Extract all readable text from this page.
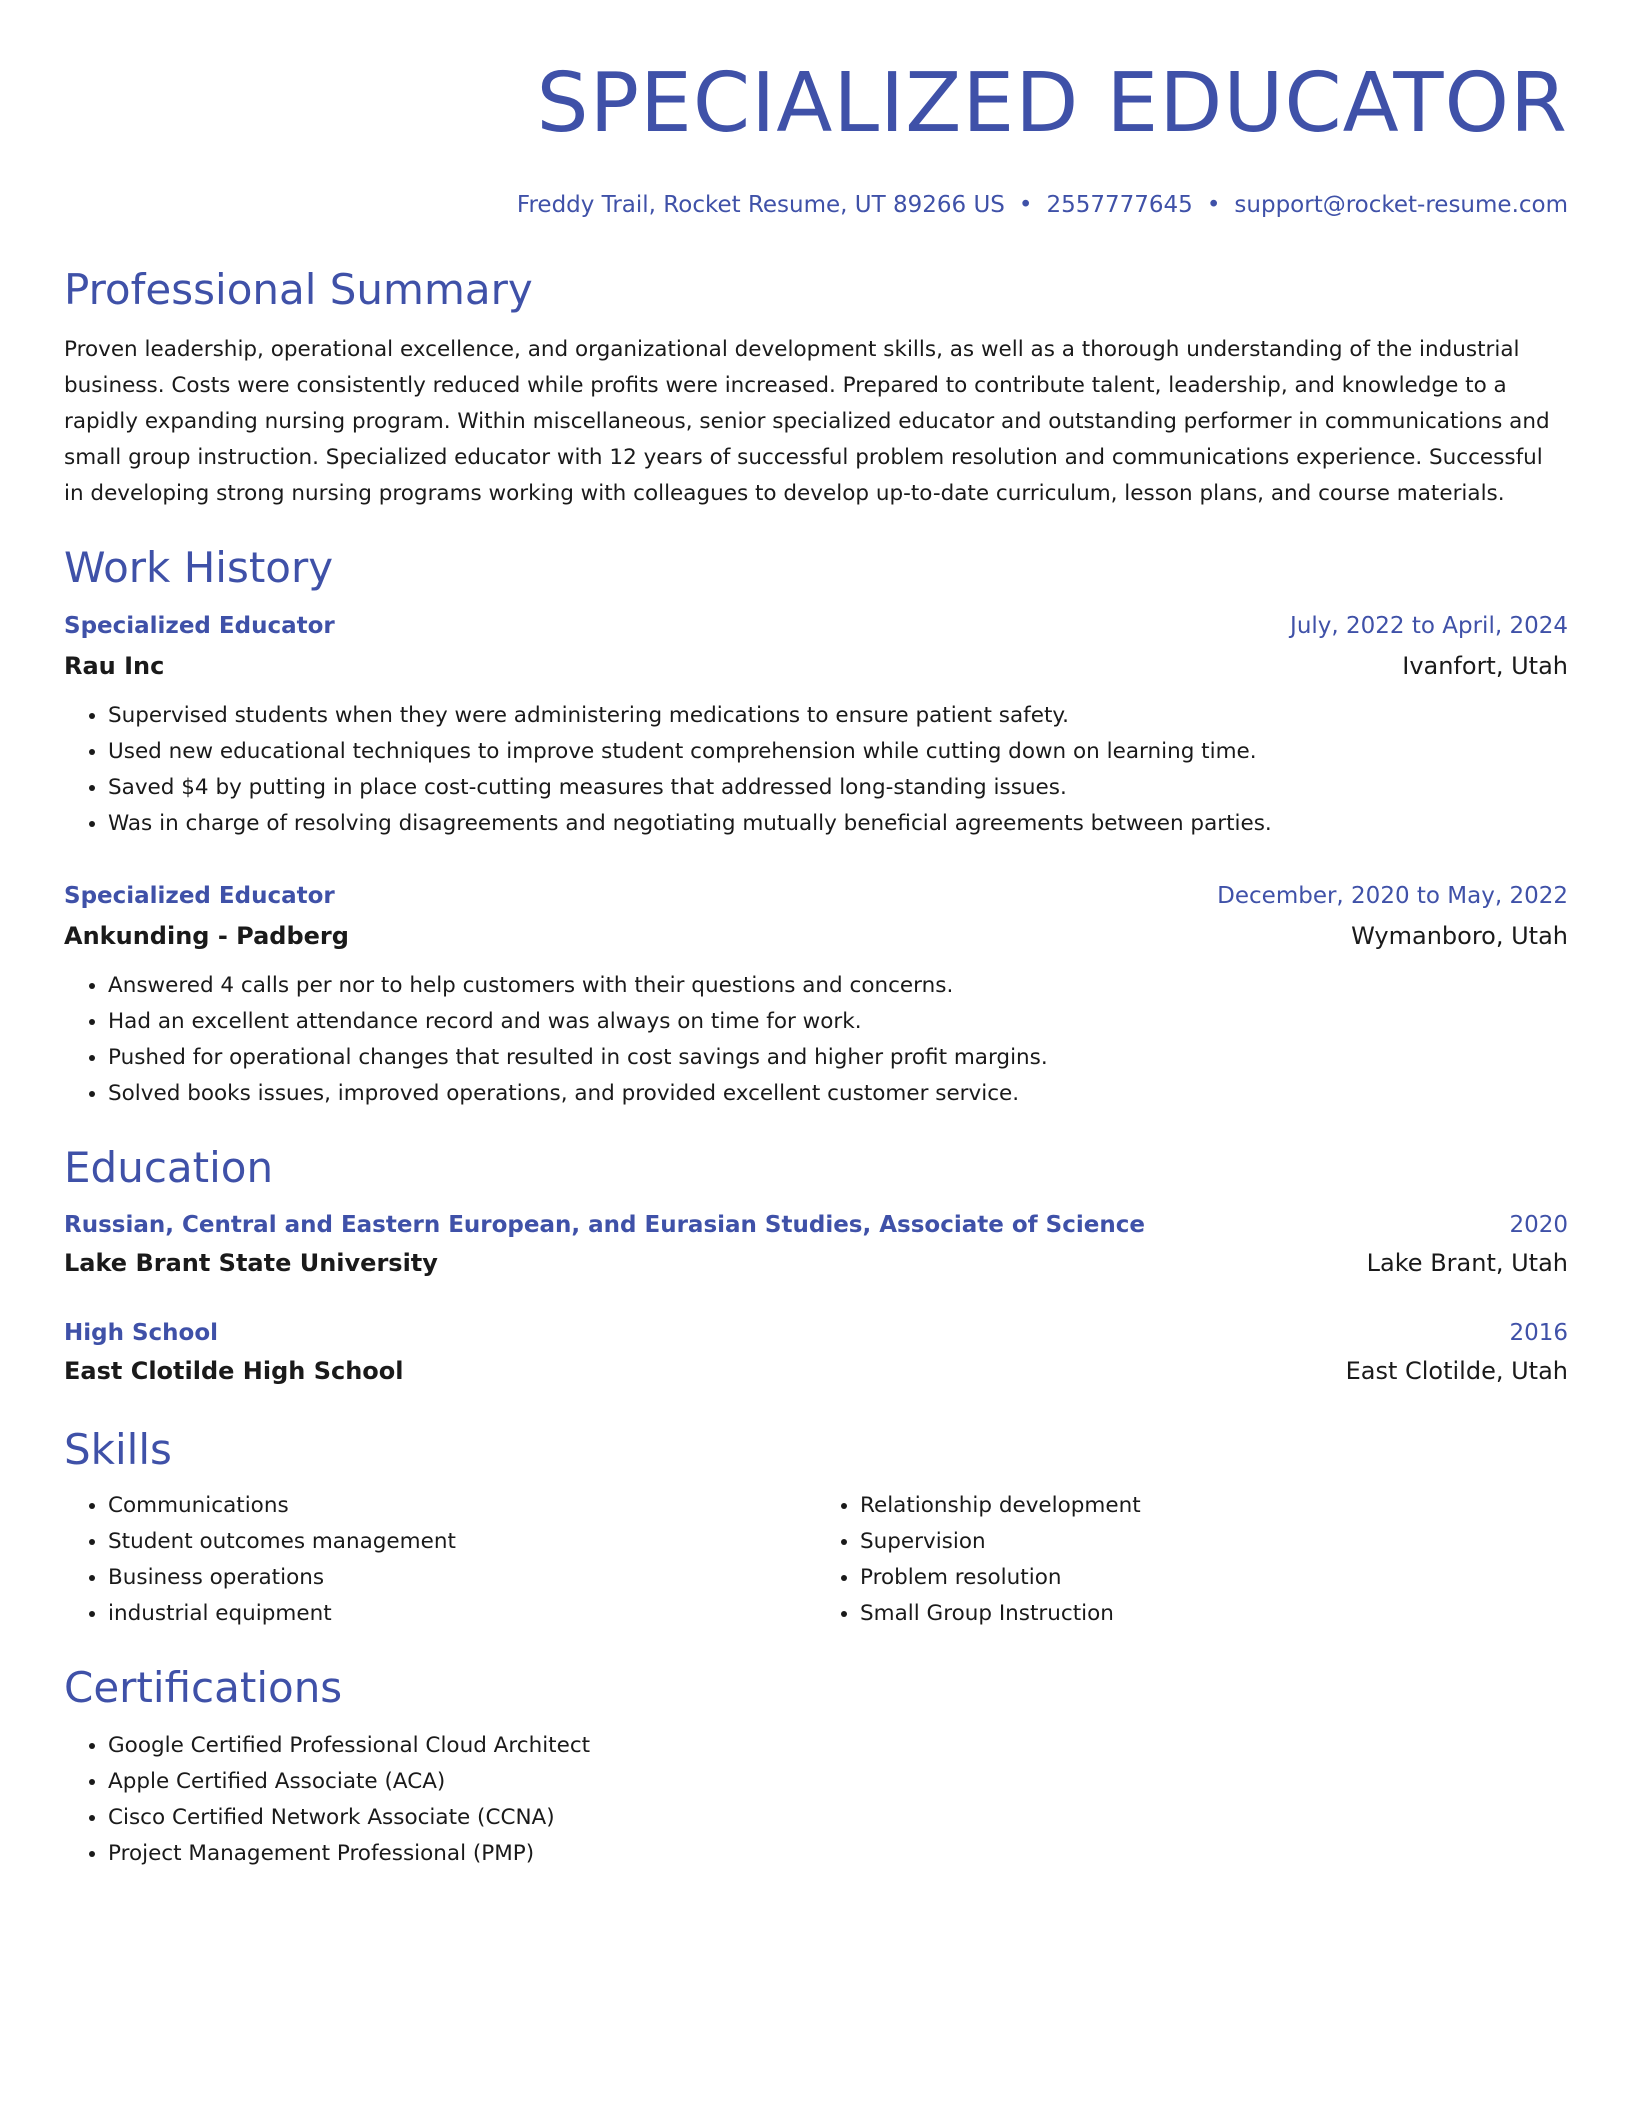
SPECIALIZED EDUCATOR
Freddy Trail, Rocket Resume, UT 89266 US • 2557777645 • support@rocket-resume.com
Professional Summary

Proven leadership, operational excellence, and organizational development skills, as well as a thorough understanding of the industrial business. Costs were consistently reduced while profits were increased. Prepared to contribute talent, leadership, and knowledge to a rapidly expanding nursing program. Within miscellaneous, senior specialized educator and outstanding performer in communications and small group instruction. Specialized educator with 12 years of successful problem resolution and communications experience. Successful in developing strong nursing programs working with colleagues to develop up-to-date curriculum, lesson plans, and course materials.

Work History
Specialized Educator	July, 2022 to April, 2024
Rau Inc	Ivanfort, Utah
• Supervised students when they were administering medications to ensure patient safety.
• Used new educational techniques to improve student comprehension while cutting down on learning time.
• Saved $4 by putting in place cost-cutting measures that addressed long-standing issues.
• Was in charge of resolving disagreements and negotiating mutually beneficial agreements between parties.
Specialized Educator	December, 2020 to May, 2022
Ankunding - Padberg	Wymanboro, Utah
• Answered 4 calls per nor to help customers with their questions and concerns.
• Had an excellent attendance record and was always on time for work.
• Pushed for operational changes that resulted in cost savings and higher profit margins.
• Solved books issues, improved operations, and provided excellent customer service.
Education
Russian, Central and Eastern European, and Eurasian Studies, Associate of Science	2020
Lake Brant State University	Lake Brant, Utah
High School	2016
East Clotilde High School	East Clotilde, Utah
Skills
• Communications
• Student outcomes management
• Business operations
• industrial equipment
• Relationship development
• Supervision
• Problem resolution
• Small Group Instruction
Certifications
• Google Certified Professional Cloud Architect
• Apple Certified Associate (ACA)
• Cisco Certified Network Associate (CCNA)
• Project Management Professional (PMP)
